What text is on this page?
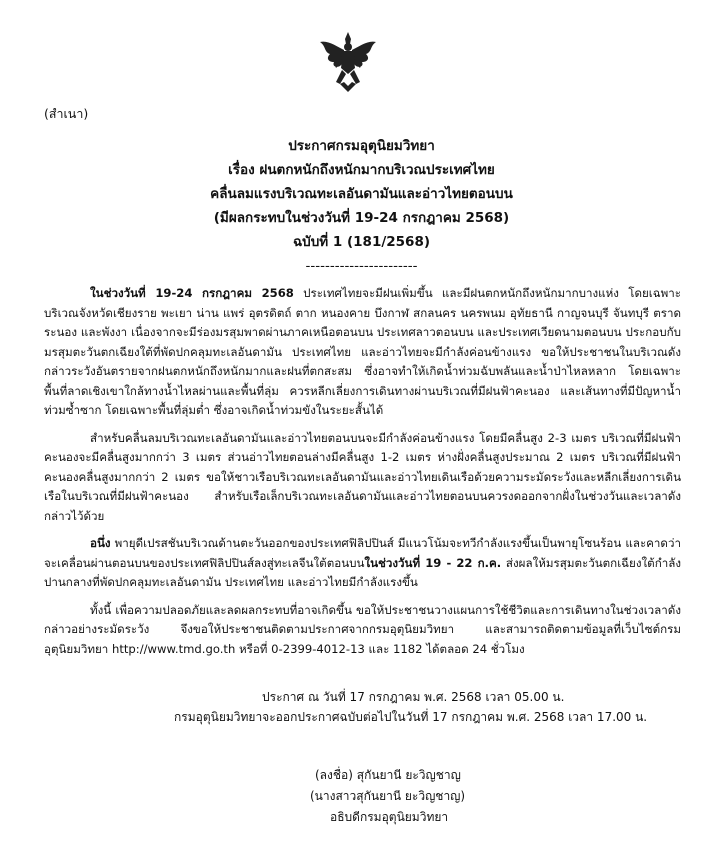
(สำเนา)
ประกาศกรมอุตุนิยมวิทยา
เรื่อง ฝนตกหนักถึงหนักมากบริเวณประเทศไทย
คลื่นลมแรงบริเวณทะเลอันดามันและอ่าวไทยตอนบน
(มีผลกระทบในช่วงวันที่ 19-24 กรกฎาคม 2568)
ฉบับที่ 1 (181/2568)
-----------------------

ในช่วงวันที่ 19-24 กรกฎาคม 2568 ประเทศไทยจะมีฝนเพิ่มขึ้น และมีฝนตกหนักถึงหนักมากบางแห่ง โดยเฉพาะบริเวณจังหวัดเชียงราย พะเยา น่าน แพร่ อุตรดิตถ์ ตาก หนองคาย บึงกาฬ สกลนคร นครพนม อุทัยธานี กาญจนบุรี จันทบุรี ตราด ระนอง และพังงา เนื่องจากจะมีร่องมรสุมพาดผ่านภาคเหนือตอนบน ประเทศลาวตอนบน และประเทศเวียดนามตอนบน ประกอบกับมรสุมตะวันตกเฉียงใต้ที่พัดปกคลุมทะเลอันดามัน ประเทศไทย และอ่าวไทยจะมีกำลังค่อนข้างแรง ขอให้ประชาชนในบริเวณดังกล่าวระวังอันตรายจากฝนตกหนักถึงหนักมากและฝนที่ตกสะสม ซึ่งอาจทำให้เกิดน้ำท่วมฉับพลันและน้ำป่าไหลหลาก โดยเฉพาะพื้นที่ลาดเชิงเขาใกล้ทางน้ำไหลผ่านและพื้นที่ลุ่ม ควรหลีกเลี่ยงการเดินทางผ่านบริเวณที่มีฝนฟ้าคะนอง และเส้นทางที่มีปัญหาน้ำท่วมซ้ำซาก โดยเฉพาะพื้นที่ลุ่มต่ำ ซึ่งอาจเกิดน้ำท่วมขังในระยะสั้นได้

สำหรับคลื่นลมบริเวณทะเลอันดามันและอ่าวไทยตอนบนจะมีกำลังค่อนข้างแรง โดยมีคลื่นสูง 2-3 เมตร บริเวณที่มีฝนฟ้าคะนองจะมีคลื่นสูงมากกว่า 3 เมตร ส่วนอ่าวไทยตอนล่างมีคลื่นสูง 1-2 เมตร ห่างฝั่งคลื่นสูงประมาณ 2 เมตร บริเวณที่มีฝนฟ้าคะนองคลื่นสูงมากกว่า 2 เมตร ขอให้ชาวเรือบริเวณทะเลอันดามันและอ่าวไทยเดินเรือด้วยความระมัดระวังและหลีกเลี่ยงการเดินเรือในบริเวณที่มีฝนฟ้าคะนอง สำหรับเรือเล็กบริเวณทะเลอันดามันและอ่าวไทยตอนบนควรงดออกจากฝั่งในช่วงวันและเวลาดังกล่าวไว้ด้วย

อนึ่ง พายุดีเปรสชันบริเวณด้านตะวันออกของประเทศฟิลิปปินส์ มีแนวโน้มจะทวีกำลังแรงขึ้นเป็นพายุโซนร้อน และคาดว่าจะเคลื่อนผ่านตอนบนของประเทศฟิลิปปินส์ลงสู่ทะเลจีนใต้ตอนบนในช่วงวันที่ 19 - 22 ก.ค. ส่งผลให้มรสุมตะวันตกเฉียงใต้กำลังปานกลางที่พัดปกคลุมทะเลอันดามัน ประเทศไทย และอ่าวไทยมีกำลังแรงขึ้น

ทั้งนี้ เพื่อความปลอดภัยและลดผลกระทบที่อาจเกิดขึ้น ขอให้ประชาชนวางแผนการใช้ชีวิตและการเดินทางในช่วงเวลาดังกล่าวอย่างระมัดระวัง จึงขอให้ประชาชนติดตามประกาศจากกรมอุตุนิยมวิทยา และสามารถติดตามข้อมูลที่เว็บไซต์กรมอุตุนิยมวิทยา http://www.tmd.go.th หรือที่ 0-2399-4012-13 และ 1182 ได้ตลอด 24 ชั่วโมง

ประกาศ ณ วันที่ 17 กรกฎาคม พ.ศ. 2568 เวลา 05.00 น.
กรมอุตุนิยมวิทยาจะออกประกาศฉบับต่อไปในวันที่ 17 กรกฎาคม พ.ศ. 2568 เวลา 17.00 น.
(ลงชื่อ) สุกันยานี ยะวิญชาญ
(นางสาวสุกันยานี ยะวิญชาญ)
อธิบดีกรมอุตุนิยมวิทยา
